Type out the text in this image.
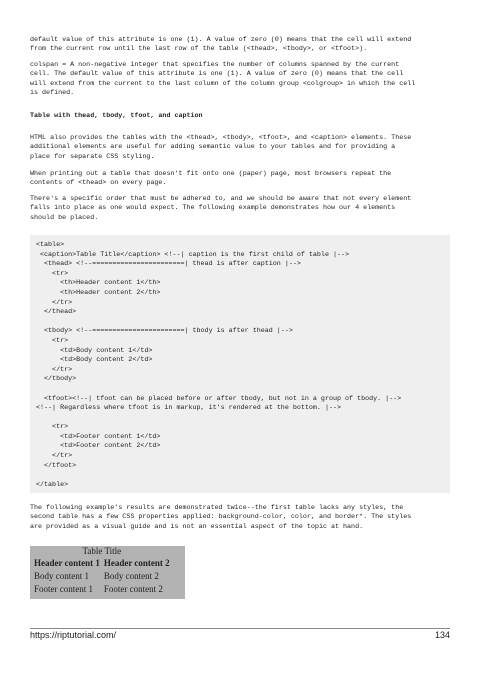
default value of this attribute is one (1). A value of zero (0) means that the cell will extend
from the current row until the last row of the table (<thead>, <tbody>, or <tfoot>).

colspan = A non-negative integer that specifies the number of columns spanned by the current
cell. The default value of this attribute is one (1). A value of zero (0) means that the cell
will extend from the current to the last column of the column group <colgroup> in which the cell
is defined.

Table with thead, tbody, tfoot, and caption

HTML also provides the tables with the <thead>, <tbody>, <tfoot>, and <caption> elements. These
additional elements are useful for adding semantic value to your tables and for providing a
place for separate CSS styling.

When printing out a table that doesn't fit onto one (paper) page, most browsers repeat the
contents of <thead> on every page.

There's a specific order that must be adhered to, and we should be aware that not every element
falls into place as one would expect. The following example demonstrates how our 4 elements
should be placed.

<table>
<caption>Table Title</caption> <!--| caption is the first child of table |-->
<thead> <!--=======================| thead is after caption |-->
<tr>
<th>Header content 1</th>
<th>Header content 2</th>
</tr>
</thead>
<tbody> <!--=======================| tbody is after thead |-->
<tr>
<td>Body content 1</td>
<td>Body content 2</td>
</tr>
</tbody>
<tfoot><!--| tfoot can be placed before or after tbody, but not in a group of tbody. |-->
<!--| Regardless where tfoot is in markup, it's rendered at the bottom. |-->
<tr>
<td>Footer content 1</td>
<td>Footer content 2</td>
</tr>
</tfoot>
</table>

The following example's results are demonstrated twice--the first table lacks any styles, the
second table has a few CSS properties applied: background-color, color, and border*. The styles
are provided as a visual guide and is not an essential aspect of the topic at hand.

Table Title
Header content 1	Header content 2
Body content 1	Body content 2
Footer content 1	Footer content 2
https://riptutorial.com/	134
